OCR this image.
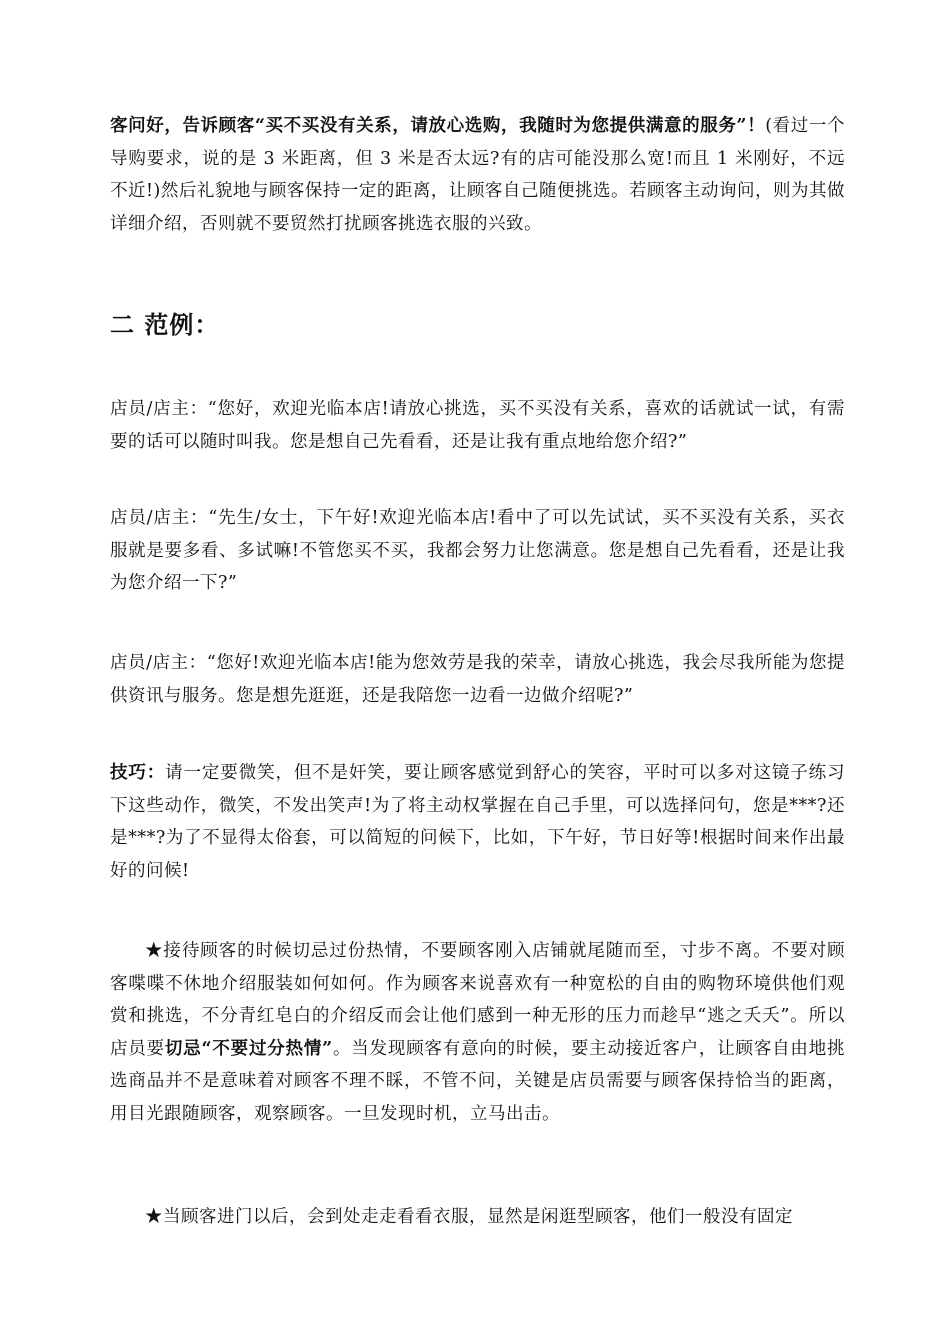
客问好，告诉顾客“买不买没有关系，请放心选购，我随时为您提供满意的服务”！(看过一个导购要求，说的是 3 米距离，但 3 米是否太远?有的店可能没那么宽!而且 1 米刚好，不远不近!)然后礼貌地与顾客保持一定的距离，让顾客自己随便挑选。若顾客主动询问，则为其做详细介绍，否则就不要贸然打扰顾客挑选衣服的兴致。

二 范例：

店员/店主：“您好，欢迎光临本店!请放心挑选，买不买没有关系，喜欢的话就试一试，有需要的话可以随时叫我。您是想自己先看看，还是让我有重点地给您介绍?”

店员/店主：“先生/女士，下午好!欢迎光临本店!看中了可以先试试，买不买没有关系，买衣服就是要多看、多试嘛!不管您买不买，我都会努力让您满意。您是想自己先看看，还是让我为您介绍一下?”

店员/店主：“您好!欢迎光临本店!能为您效劳是我的荣幸，请放心挑选，我会尽我所能为您提供资讯与服务。您是想先逛逛，还是我陪您一边看一边做介绍呢?”

技巧：请一定要微笑，但不是奸笑，要让顾客感觉到舒心的笑容，平时可以多对这镜子练习下这些动作，微笑，不发出笑声!为了将主动权掌握在自己手里，可以选择问句，您是***?还是***?为了不显得太俗套，可以简短的问候下，比如，下午好，节日好等!根据时间来作出最好的问候!

★接待顾客的时候切忌过份热情，不要顾客刚入店铺就尾随而至，寸步不离。不要对顾客喋喋不休地介绍服装如何如何。作为顾客来说喜欢有一种宽松的自由的购物环境供他们观赏和挑选，不分青红皂白的介绍反而会让他们感到一种无形的压力而趁早“逃之夭夭”。所以店员要切忌“不要过分热情”。当发现顾客有意向的时候，要主动接近客户，让顾客自由地挑选商品并不是意味着对顾客不理不睬，不管不问，关键是店员需要与顾客保持恰当的距离，用目光跟随顾客，观察顾客。一旦发现时机，立马出击。

★当顾客进门以后，会到处走走看看衣服，显然是闲逛型顾客，他们一般没有固定
